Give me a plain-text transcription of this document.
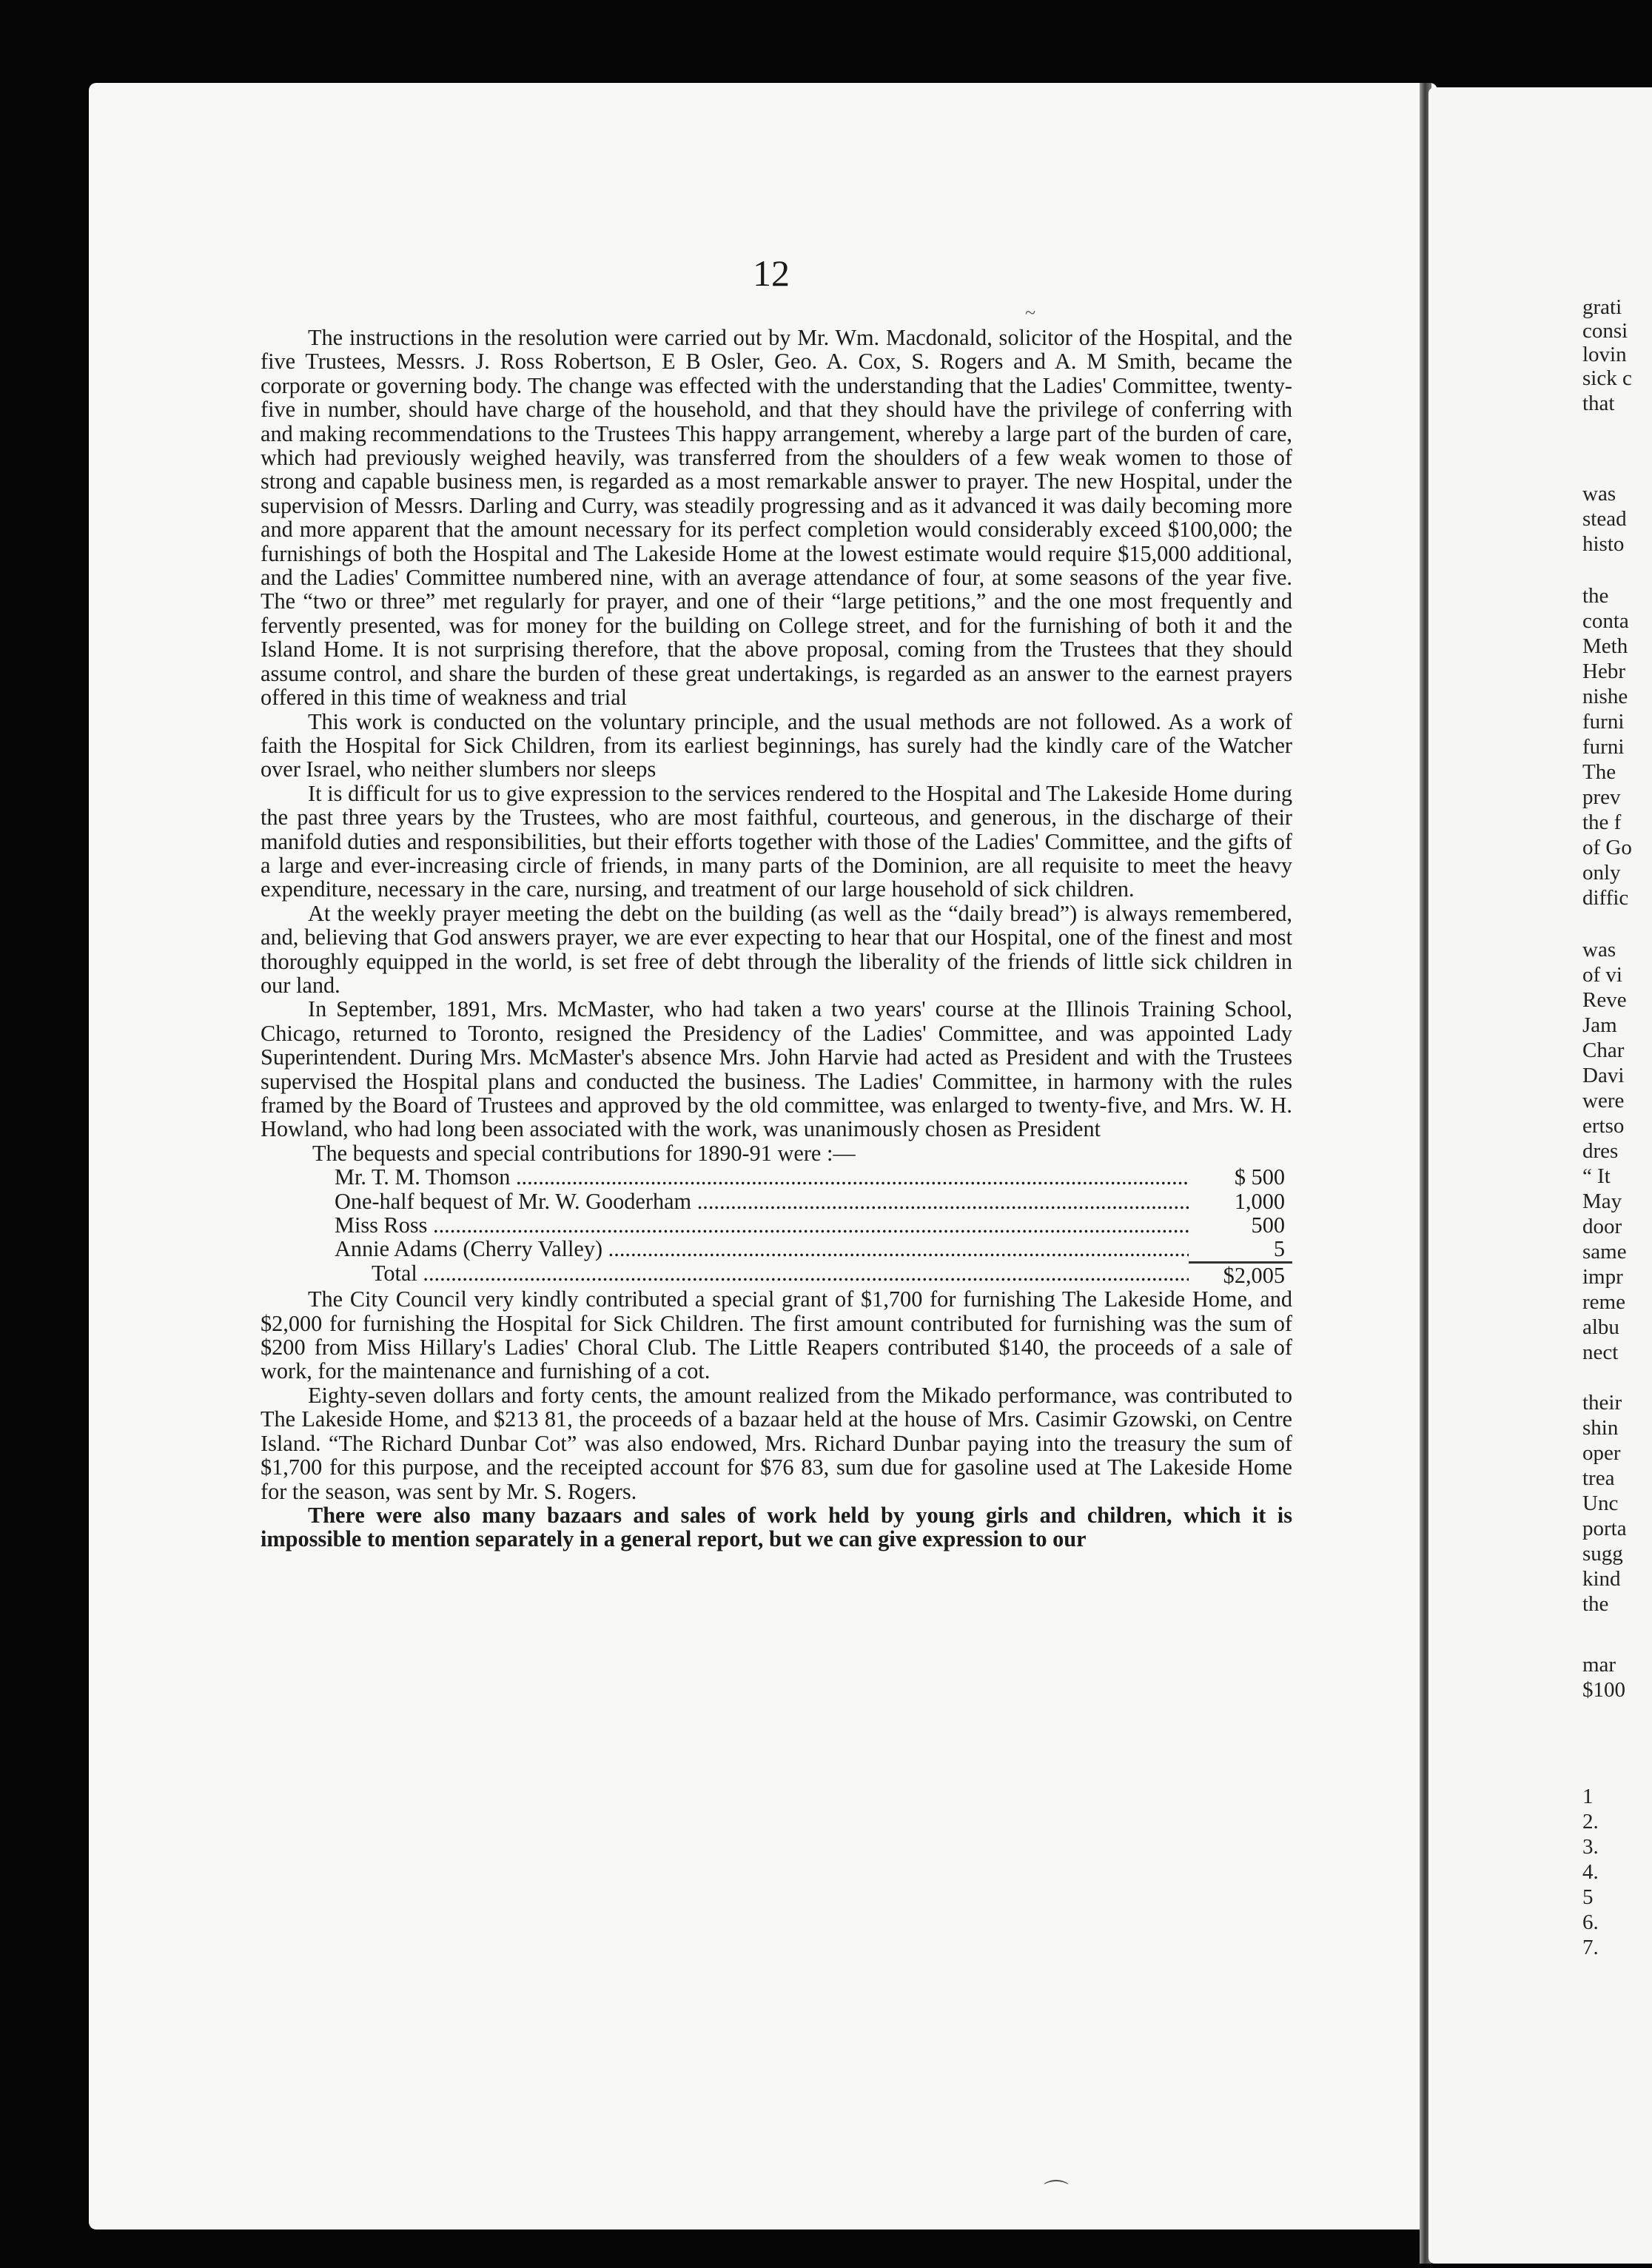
12

The instructions in the resolution were carried out by Mr. Wm. Macdonald, solicitor of the Hospital, and the five Trustees, Messrs. J. Ross Robertson, E B Osler, Geo. A. Cox, S. Rogers and A. M Smith, became the corporate or governing body. The change was effected with the understanding that the Ladies' Committee, twenty-five in number, should have charge of the household, and that they should have the privilege of conferring with and making recommendations to the Trustees This happy arrangement, whereby a large part of the burden of care, which had previously weighed heavily, was transferred from the shoulders of a few weak women to those of strong and capable business men, is regarded as a most remarkable answer to prayer. The new Hospital, under the supervision of Messrs. Darling and Curry, was steadily progressing and as it advanced it was daily becoming more and more apparent that the amount necessary for its perfect completion would considerably exceed $100,000; the furnishings of both the Hospital and The Lakeside Home at the lowest estimate would require $15,000 additional, and the Ladies' Committee numbered nine, with an average attendance of four, at some seasons of the year five. The “two or three” met regularly for prayer, and one of their “large petitions,” and the one most frequently and fervently presented, was for money for the building on College street, and for the furnishing of both it and the Island Home. It is not surprising therefore, that the above proposal, coming from the Trustees that they should assume control, and share the burden of these great undertakings, is regarded as an answer to the earnest prayers offered in this time of weakness and trial

This work is conducted on the voluntary principle, and the usual methods are not followed. As a work of faith the Hospital for Sick Children, from its earliest beginnings, has surely had the kindly care of the Watcher over Israel, who neither slumbers nor sleeps

It is difficult for us to give expression to the services rendered to the Hospital and The Lakeside Home during the past three years by the Trustees, who are most faithful, courteous, and generous, in the discharge of their manifold duties and responsibilities, but their efforts together with those of the Ladies' Committee, and the gifts of a large and ever-increasing circle of friends, in many parts of the Dominion, are all requisite to meet the heavy expenditure, necessary in the care, nursing, and treatment of our large household of sick children.

At the weekly prayer meeting the debt on the building (as well as the “daily bread”) is always remembered, and, believing that God answers prayer, we are ever expecting to hear that our Hospital, one of the finest and most thoroughly equipped in the world, is set free of debt through the liberality of the friends of little sick children in our land.

In September, 1891, Mrs. McMaster, who had taken a two years' course at the Illinois Training School, Chicago, returned to Toronto, resigned the Presidency of the Ladies' Committee, and was appointed Lady Superintendent. During Mrs. McMaster's absence Mrs. John Harvie had acted as President and with the Trustees supervised the Hospital plans and conducted the business. The Ladies' Committee, in harmony with the rules framed by the Board of Trustees and approved by the old committee, was enlarged to twenty-five, and Mrs. W. H. Howland, who had long been associated with the work, was unanimously chosen as President

The bequests and special contributions for 1890-91 were :—
Mr. T. M. Thomson .....	$ 500
One-half bequest of Mr. W. Gooderham .....	1,000
Miss Ross .....	500
Annie Adams (Cherry Valley) .....	5
Total .....	$2,005

The City Council very kindly contributed a special grant of $1,700 for furnishing The Lakeside Home, and $2,000 for furnishing the Hospital for Sick Children. The first amount contributed for furnishing was the sum of $200 from Miss Hillary's Ladies' Choral Club. The Little Reapers contributed $140, the proceeds of a sale of work, for the maintenance and furnishing of a cot.

Eighty-seven dollars and forty cents, the amount realized from the Mikado performance, was contributed to The Lakeside Home, and $213 81, the proceeds of a bazaar held at the house of Mrs. Casimir Gzowski, on Centre Island. “The Richard Dunbar Cot” was also endowed, Mrs. Richard Dunbar paying into the treasury the sum of $1,700 for this purpose, and the receipted account for $76 83, sum due for gasoline used at The Lakeside Home for the season, was sent by Mr. S. Rogers.

There were also many bazaars and sales of work held by young girls and children, which it is impossible to mention separately in a general report, but we can give expression to our

grati
consi
lovin
sick c
that
was
stead
histo
the
conta
Meth
Hebr
nishe
furni
furni
The
prev
the f
of Go
only
diffic
was
of vi
Reve
Jam
Char
Davi
were
ertso
dres
“ It
May
door
same
impr
reme
albu
nect
their
shin
oper
trea
Unc
porta
sugg
kind
the
mar
$100
1
2.
3.
4.
5
6.
7.
~
⌒
